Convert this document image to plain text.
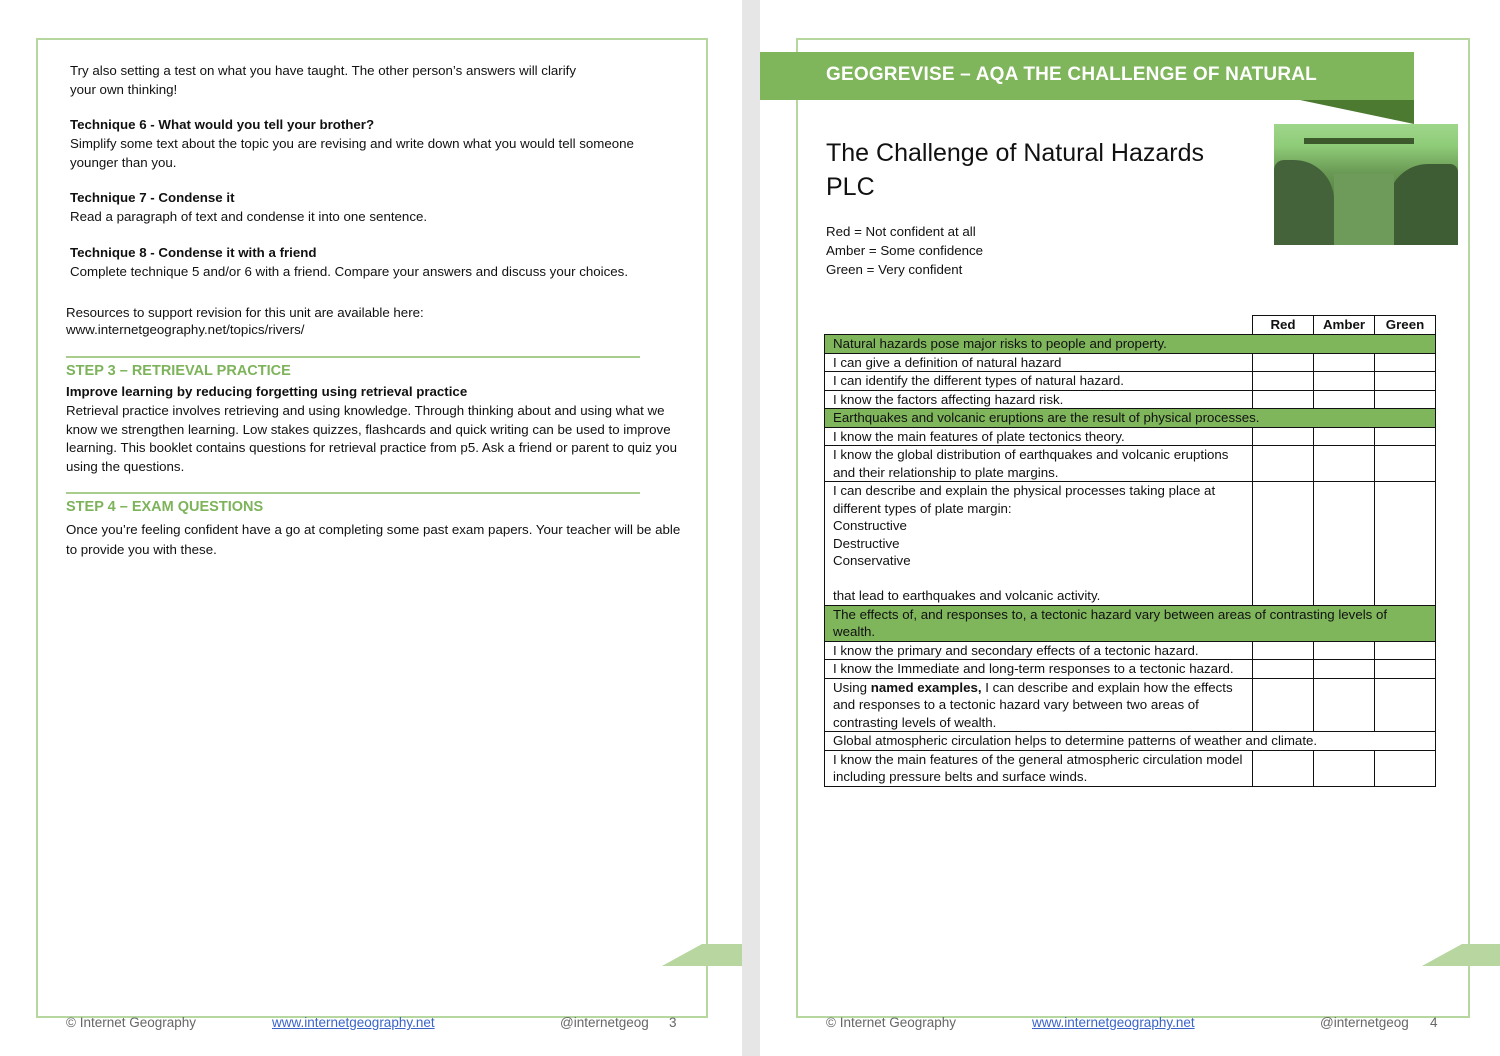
Try also setting a test on what you have taught. The other person’s answers will clarify your own thinking!
Technique 6 - What would you tell your brother?
Simplify some text about the topic you are revising and write down what you would tell someone younger than you.
Technique 7 - Condense it
Read a paragraph of text and condense it into one sentence.
Technique 8 - Condense it with a friend
Complete technique 5 and/or 6 with a friend. Compare your answers and discuss your choices.
Resources to support revision for this unit are available here:
www.internetgeography.net/topics/rivers/
STEP 3 – RETRIEVAL PRACTICE
Improve learning by reducing forgetting using retrieval practice
Retrieval practice involves retrieving and using knowledge. Through thinking about and using what we know we strengthen learning. Low stakes quizzes, flashcards and quick writing can be used to improve learning. This booklet contains questions for retrieval practice from p5. Ask a friend or parent to quiz you using the questions.
STEP 4 – EXAM QUESTIONS
Once you’re feeling confident have a go at completing some past exam papers. Your teacher will be able to provide you with these.
© Internet Geography	www.internetgeography.net	@internetgeog 3
GEOGREVISE – AQA THE CHALLENGE OF NATURAL HAZARDS
The Challenge of Natural Hazards
PLC
Red = Not confident at all
Amber = Some confidence
Green = Very confident
	Red	Amber	Green
Natural hazards pose major risks to people and property.			
I can give a definition of natural hazard			
I can identify the different types of natural hazard.			
I know the factors affecting hazard risk.			
Earthquakes and volcanic eruptions are the result of physical processes.			
I know the main features of plate tectonics theory.			
I know the global distribution of earthquakes and volcanic eruptions and their relationship to plate margins.			

I can describe and explain the physical processes taking place at different types of plate margin:
Constructive
Destructive
Conservative
that lead to earthquakes and volcanic activity.			

The effects of, and responses to, a tectonic hazard vary between areas of contrasting levels of wealth.			
I know the primary and secondary effects of a tectonic hazard.			
I know the Immediate and long-term responses to a tectonic hazard.			
Using named examples, I can describe and explain how the effects and responses to a tectonic hazard vary between two areas of contrasting levels of wealth.			
Global atmospheric circulation helps to determine patterns of weather and climate.			
I know the main features of the general atmospheric circulation model including pressure belts and surface winds.			
© Internet Geography	www.internetgeography.net	@internetgeog 4
